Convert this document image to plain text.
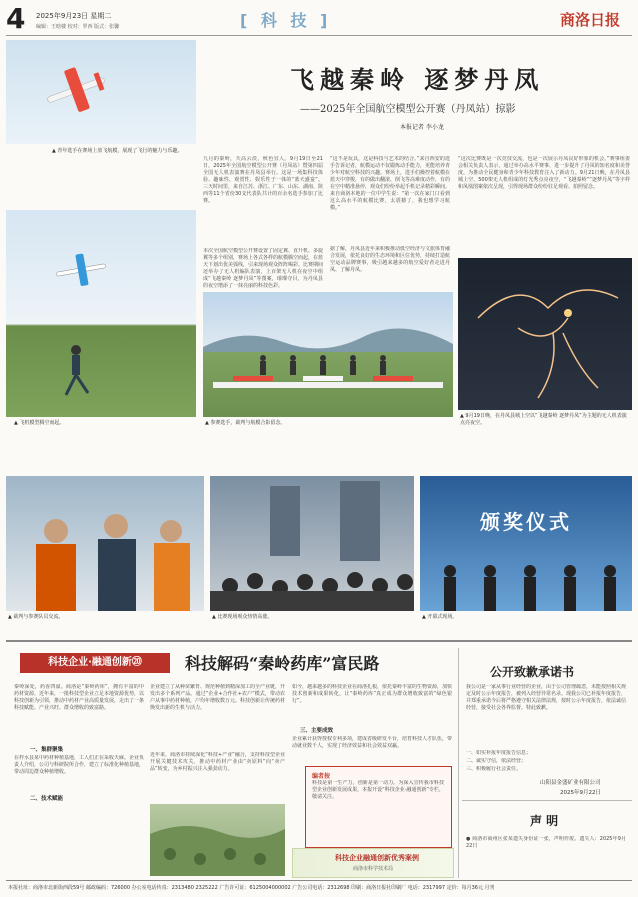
4 2025年9月23日 星期二
编辑：王晗楼 校对：罗西 版式：张馨	[ 科 技 ]	商洛日报
飞越秦岭 逐梦丹凤
——2025年全国航空模型公开赛（丹凤站）掠影
本报记者 李小龙
▲ 青年选手在赛场上放飞航模，展现了飞行的魅力与乐趣。
▲ 飞机模型腾空而起。
九月的秦岭，天高云淡，秋色宜人。9月19日至21日，2025年全国航空模型公开赛（丹凤站）暨第四届全国无人机表演赛在丹凤县举行。这是一场集科技体验、趣味性、观赏性、娱乐性于一体的“蓝天盛宴”。三天时间里，来自江苏、浙江、广东、山东、湖南、陕西等11个省份30支代表队共计的百余名选手参加了比赛。
本次全国航空模型公开赛设置了固定翼、直升机、多旋翼等多个组别，赛场上各式各样的航模腾空而起，在蓝天下划出优美弧线，引来现场观众阵阵喝彩。比赛期间还举办了无人机编队表演，上百架无人机在夜空中组成“飞越秦岭 逐梦丹凤”等图案，璀璨夺目，为丹凤县的夜空增添了一抹亮丽的科技色彩。
“这不是玩具，这是科技与艺术的结合。”来自西安的选手告诉记者，航模运动不仅锻炼动手能力，更能培养青少年对航空科技的兴趣。赛场上，选手们操控着航模在蓝天中穿梭，有的做出翻滚、倒飞等高难度动作，有的在空中精准悬停，观众们纷纷举起手机记录精彩瞬间。来自商洛本地的一位中学生说：“第一次在家门口看到这么高水平的航模比赛，太震撼了，我也想学习航模。”
据了解，丹凤县近年来积极推动低空经济与文旅体育融合发展，依托良好的生态环境和区位优势，持续打造航空运动品牌赛事，吸引越来越多的航空爱好者走进丹凤、了解丹凤。
“这次比赛既是一次竞技交流，也是一次展示丹凤良好形象的机会。”赛事组委会相关负责人表示，通过举办高水平赛事，进一步提升了丹凤的知名度和美誉度，为推动全民健身和青少年科技教育注入了新动力。9月21日晚，在丹凤县城上空，500架无人机组成的灯光秀点亮夜空，“飞越秦岭”“逐梦丹凤”等字样和凤凰图案依次呈现，引得现场群众纷纷驻足观看、拍照留念。
▲ 参赛选手，裁判与航模合影留念。
▲ 9月19日晚，在丹凤县城上空以“飞越秦岭 逐梦丹凤”为主题的无人机表演点亮夜空。
▲ 裁判与参赛队员交流。	▲ 比赛现场观众热情高涨。
颁奖仪式
▲ 开幕式现场。
科技企业·融通创新⑳	科技解码“秦岭药库”富民路
秦岭深处，药香四溢。商洛是“秦岭药库”，拥有丰富的中药材资源。近年来，一批科技型企业立足本地资源优势，以科技创新为引领，推动中药材产业高质量发展，走出了一条科技赋能、产业兴旺、群众增收的致富路。
一、集群聚集
在柞水县某中药材种植基地，工人们正在采收天麻。企业负责人介绍，公司与科研院所合作，建立了标准化种植基地，带动周边群众种植增收。
二、技术赋能
企业建立了从种苗繁育、规范种植到精深加工的全产业链，开发出多个系列产品。通过“企业+合作社+农户”模式，带动农户从事中药材种植，户均年增收数万元。科技创新让传统药材焕发出新的生机与活力。
近年来，商洛市持续深化“科技+产业”融合，支持科技型企业开展关键技术攻关，推动中药材产业由“卖原料”向“卖产品”转变，为乡村振兴注入强劲动力。
如今，越来越多的科技企业在商洛扎根，依托秦岭丰富的生物资源，加快技术创新和成果转化，让“秦岭药库”真正成为群众增收致富的“绿色银行”。
三、主要成效
企业累计获得授权专利多项，建成省级研发平台，培育科技人才队伍，带动就业数千人，实现了经济效益和社会效益双赢。
编者按
科技是第一生产力，创新是第一动力。为深入宣传我市科技型企业创新发展成果，本报开设“科技企业·融通创新”专栏，敬请关注。
科技企业融通创新优秀案例
商洛市科学技术局
公开致歉承诺书
我公司是一家从事行业经营的企业，由于公司管理疏忽，未能按照相关规定及时公示年度报告，被列入经营异常名录。现我公司已补报年度报告，并郑重承诺今后将严格遵守相关法律法规，按时公示年度报告，依法诚信经营，接受社会各界监督。特此致歉。
一、如实补报年度报告信息；
二、诚实守信，依法经营；
三、积极履行社会责任。
山阳县金盛矿业有限公司
2025年9月22日
声 明
● 商洛市商州区张某遗失身份证一张，声明作废。遗失人：2025年9月22日
本报社址：商洛市北新街西段59号 邮政编码：726000 办公室电话传真：2313480 2325222 广告许可证：6125004000002 广告公司电话：2312698 印刷：商洛日报社印刷厂 电话：2317997 定价：每月36元 月刊
